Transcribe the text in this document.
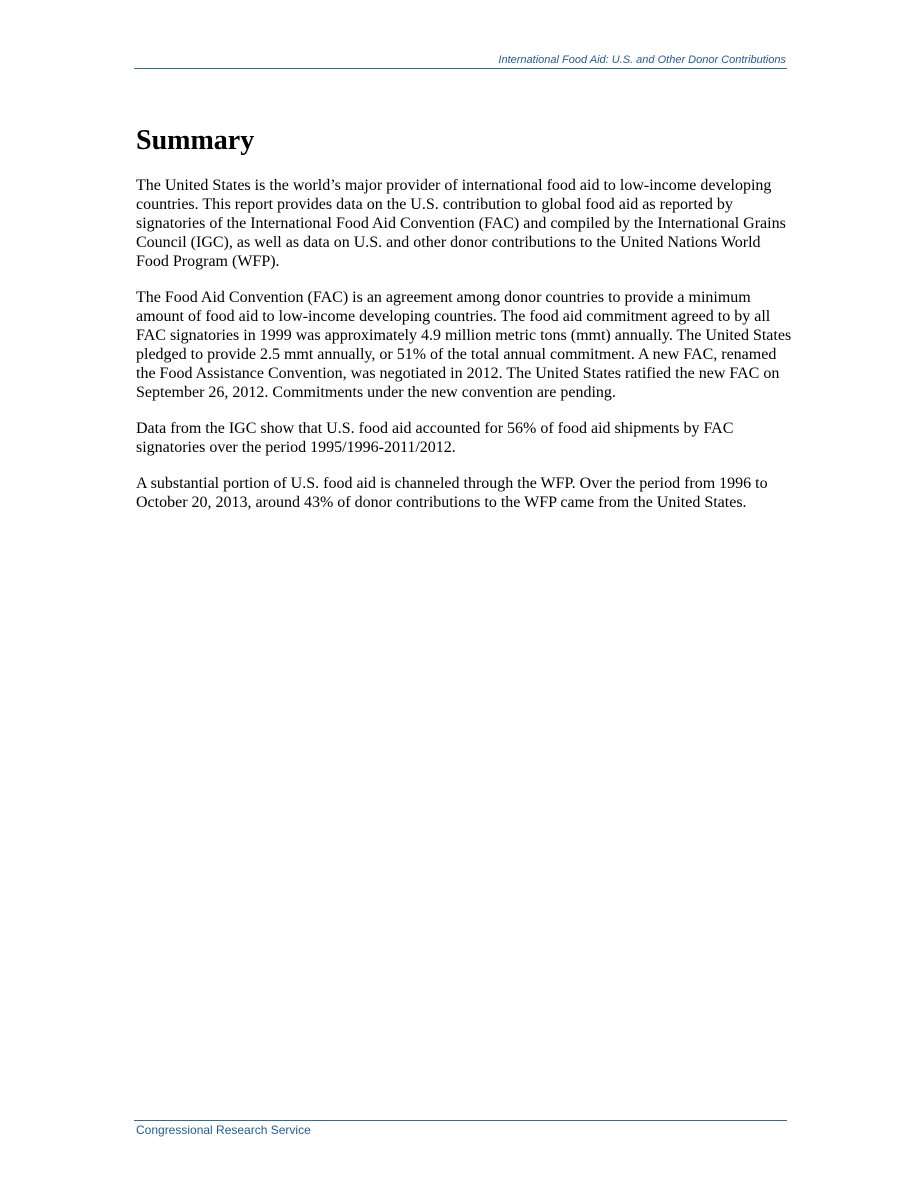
International Food Aid: U.S. and Other Donor Contributions
Summary

The United States is the world’s major provider of international food aid to low-income developing countries. This report provides data on the U.S. contribution to global food aid as reported by signatories of the International Food Aid Convention (FAC) and compiled by the International Grains Council (IGC), as well as data on U.S. and other donor contributions to the United Nations World Food Program (WFP).

The Food Aid Convention (FAC) is an agreement among donor countries to provide a minimum amount of food aid to low-income developing countries. The food aid commitment agreed to by all FAC signatories in 1999 was approximately 4.9 million metric tons (mmt) annually. The United States pledged to provide 2.5 mmt annually, or 51% of the total annual commitment. A new FAC, renamed the Food Assistance Convention, was negotiated in 2012. The United States ratified the new FAC on September 26, 2012. Commitments under the new convention are pending.

Data from the IGC show that U.S. food aid accounted for 56% of food aid shipments by FAC signatories over the period 1995/1996-2011/2012.

A substantial portion of U.S. food aid is channeled through the WFP. Over the period from 1996 to October 20, 2013, around 43% of donor contributions to the WFP came from the United States.

Congressional Research Service
